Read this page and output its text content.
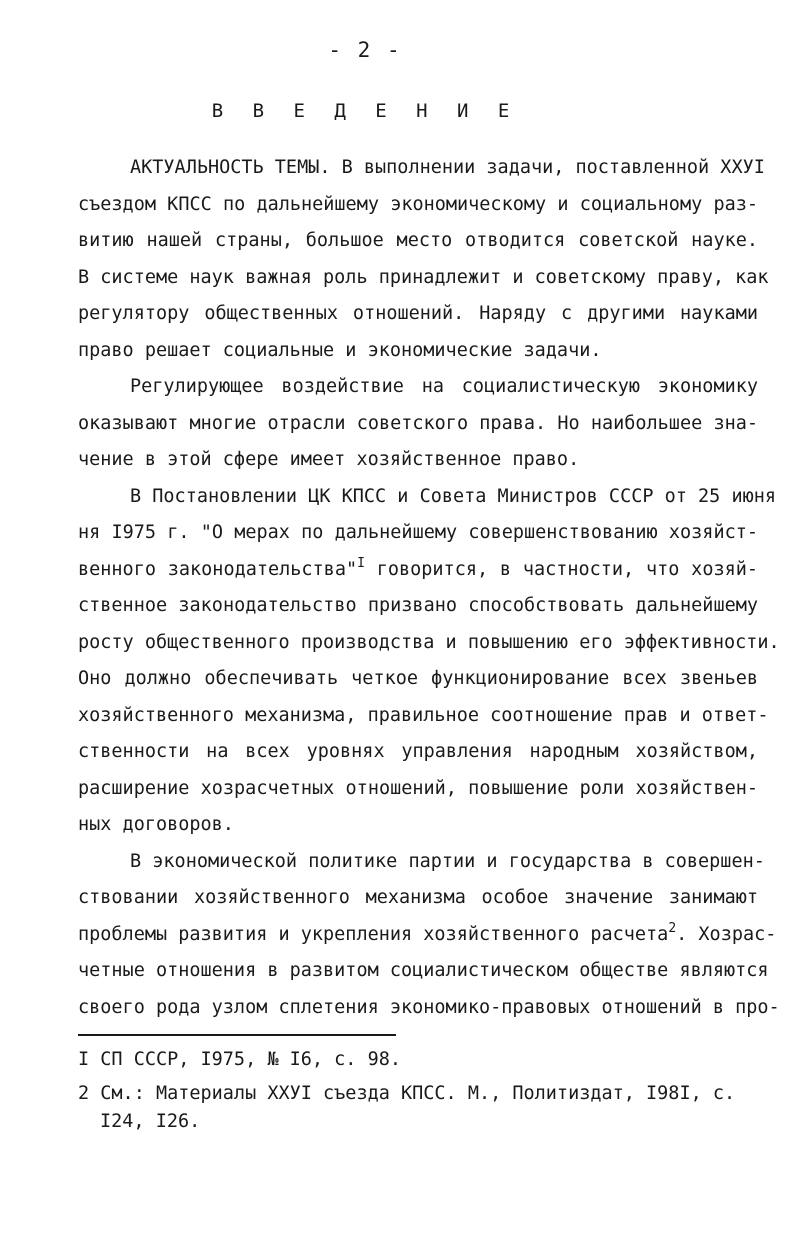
- 2 -
В В Е Д Е Н И Е
АКТУАЛЬНОСТЬ ТЕМЫ. В выполнении задачи, поставленной XXУI
съездом КПСС по дальнейшему экономическому и социальному раз-
витию нашей страны, большое место отводится советской науке.
В системе наук важная роль принадлежит и советскому праву, как
регулятору общественных отношений. Наряду с другими науками
право решает социальные и экономические задачи.
Регулирующее воздействие на социалистическую экономику
оказывают многие отрасли советского права. Но наибольшее зна-
чение в этой сфере имеет хозяйственное право.
В Постановлении ЦК КПСС и Совета Министров СССР от 25 июня
ня I975 г. "О мерах по дальнейшему совершенствованию хозяйст-
венного законодательства"$^I$ говорится, в частности, что хозяй-
ственное законодательство призвано способствовать дальнейшему
росту общественного производства и повышению его эффективности.
Оно должно обеспечивать четкое функционирование всех звеньев
хозяйственного механизма, правильное соотношение прав и ответ-
ственности на всех уровнях управления народным хозяйством,
расширение хозрасчетных отношений, повышение роли хозяйствен-
ных договоров.
В экономической политике партии и государства в совершен-
ствовании хозяйственного механизма особое значение занимают
проблемы развития и укрепления хозяйственного расчета$^2$. Хозрас-
четные отношения в развитом социалистическом обществе являются
своего рода узлом сплетения экономико-правовых отношений в про-
I СП СССР, I975, № I6, с. 98.
2 См.: Материалы XXУI съезда КПСС. М., Политиздат, I98I, с.
I24, I26.
